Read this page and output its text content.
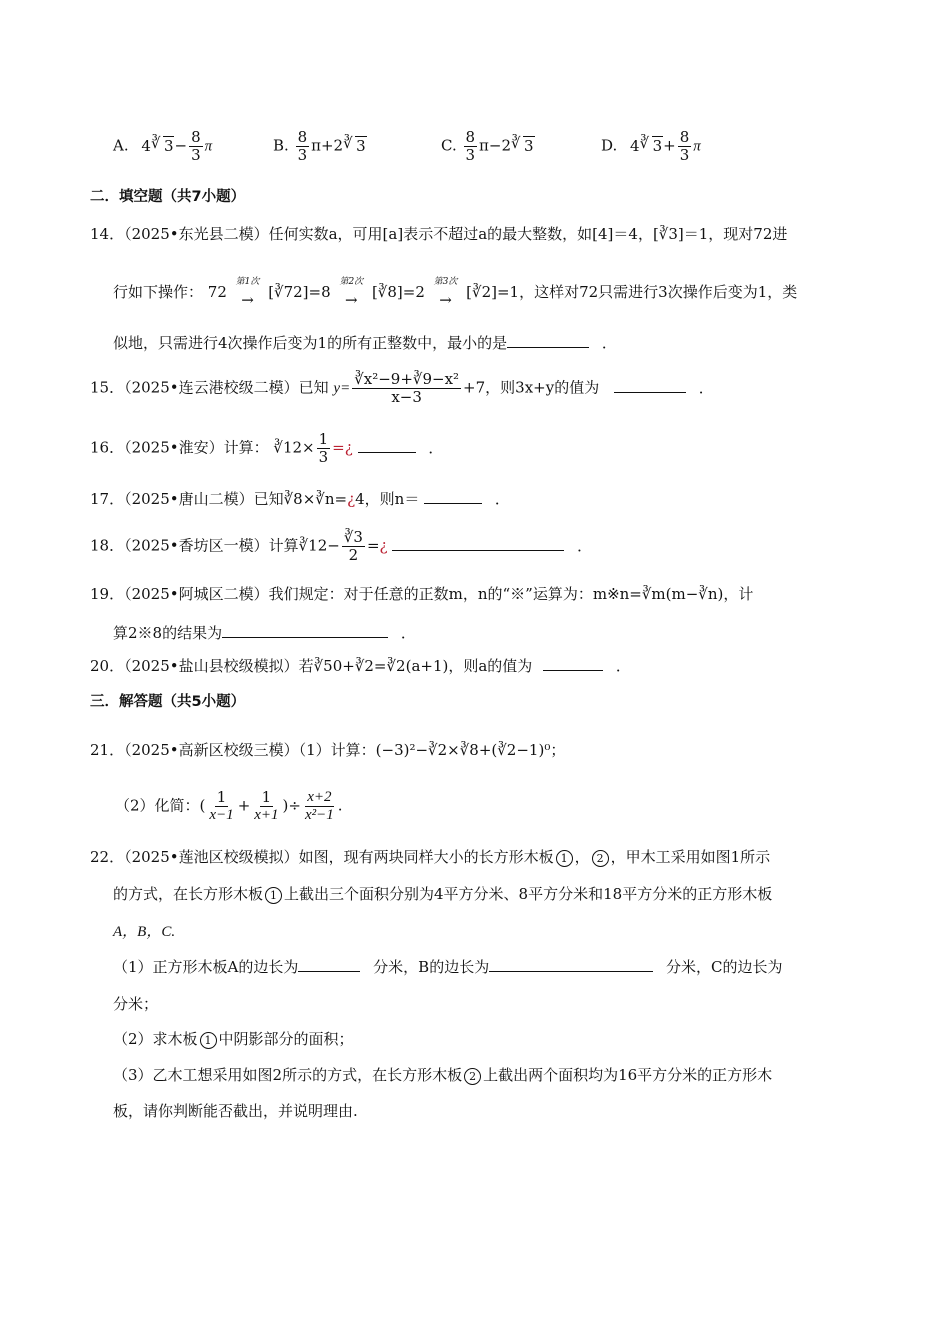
A. 4 ∛ $3- \frac{8}{3}$ π	B. $\frac{8}{3} \pi+2$ ∛ 3	C. $\frac{8}{3} \pi-2$ ∛ 3	D. 4 ∛ $3+ \frac{8}{3}$ π
二．填空题（共7小题）
14．（2025•东光县二模）任何实数a，可用[a]表示不超过a的最大整数，如[4]＝4，[∛3]＝1，现对72进
行如下操作： 72
第1次
→ [∛72]=8
第2次
→ [∛8]=2
第3次
→ [∛2]=1，这样对72只需进行3次操作后变为1，类
似地，只需进行4次操作后变为1的所有正整数中，最小的是	．
15．（2025•连云港校级二模）已知 $y= \frac{\text{∛x²−9+∛9−x²}}{x-3} +7$，则3x+y的值为	．
16．（2025•淮安）计算： ∛12× $\frac{1}{3}$ =¿	．
17．（2025•唐山二模）已知∛8×∛n=¿4，则n＝	．
18．（2025•香坊区一模）计算∛12− $\frac{∛3}{2}$ =¿	．
19．（2025•阿城区二模）我们规定：对于任意的正数m，n的“※”运算为：m※n=∛m(m−∛n)，计
算2※8的结果为	．
20．（2025•盐山县校级模拟）若∛50+∛2=∛2(a+1)，则a的值为	．
三．解答题（共5小题）
21．（2025•高新区校级三模）（1）计算：(−3)²−∛2×∛8+(∛2−1)⁰；
（2）化简：( $\frac{1}{x-1} + \frac{1}{x+1}$ )÷ $\frac{x+2}{\text{x²−1}}$ .
22．（2025•莲池区校级模拟）如图，现有两块同样大小的长方形木板 1 ， 2 ，甲木工采用如图1所示
的方式，在长方形木板 1 上截出三个面积分别为4平方分米、8平方分米和18平方分米的正方形木板
A，B，C.
（1）正方形木板A的边长为	分米，B的边长为	分米，C的边长为
分米；
（2）求木板 1 中阴影部分的面积；
（3）乙木工想采用如图2所示的方式，在长方形木板 2 上截出两个面积均为16平方分米的正方形木
板，请你判断能否截出，并说明理由.
